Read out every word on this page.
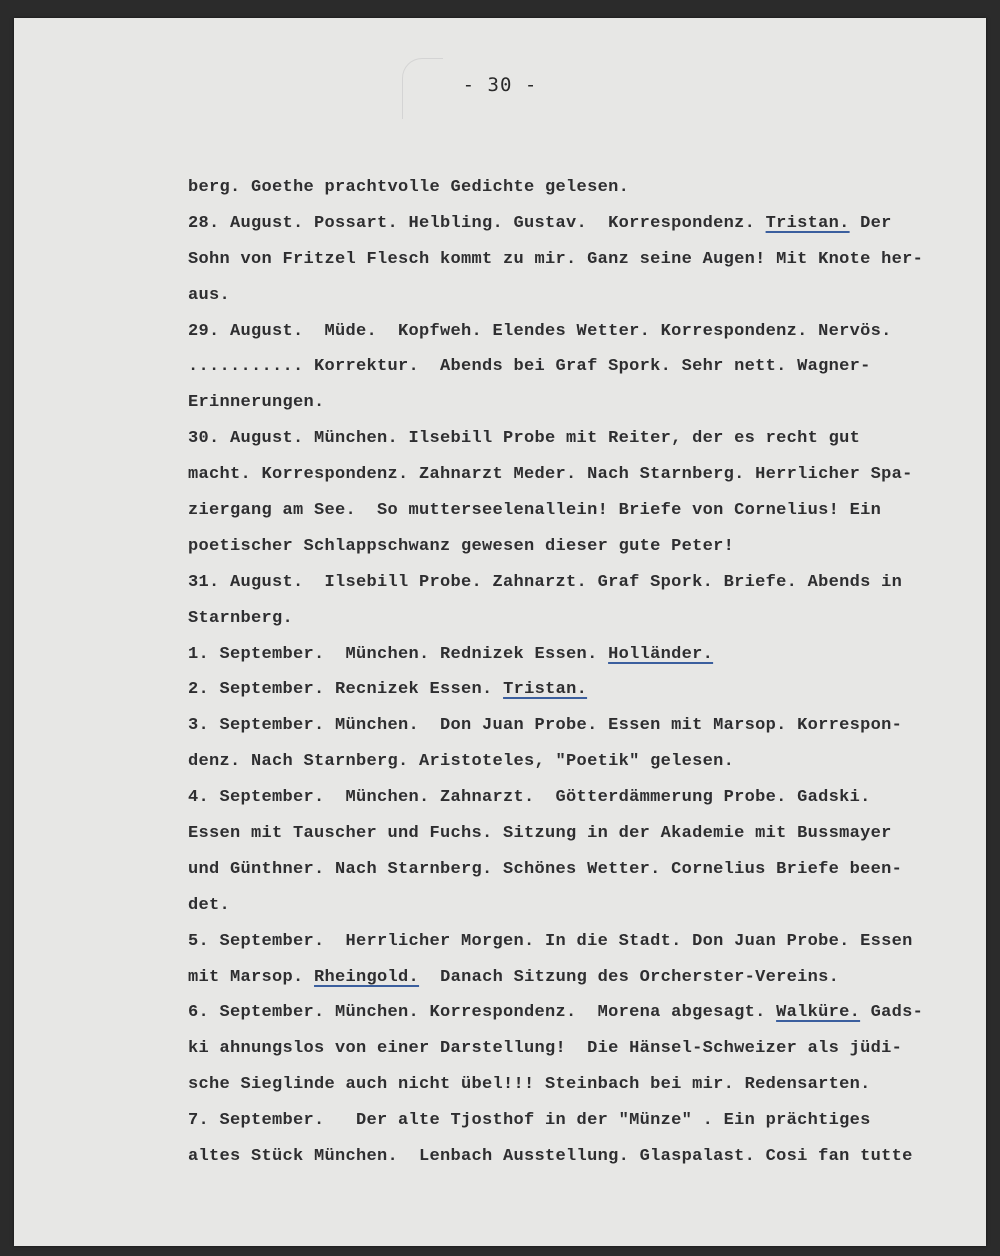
- 30 -
berg. Goethe prachtvolle Gedichte gelesen.
28. August. Possart. Helbling. Gustav.  Korrespondenz. Tristan. Der
Sohn von Fritzel Flesch kommt zu mir. Ganz seine Augen! Mit Knote her-
aus.
29. August.  Müde.  Kopfweh. Elendes Wetter. Korrespondenz. Nervös.
........... Korrektur.  Abends bei Graf Spork. Sehr nett. Wagner-
Erinnerungen.
30. August. München. Ilsebill Probe mit Reiter, der es recht gut
macht. Korrespondenz. Zahnarzt Meder. Nach Starnberg. Herrlicher Spa-
ziergang am See.  So mutterseelenallein! Briefe von Cornelius! Ein
poetischer Schlappschwanz gewesen dieser gute Peter!
31. August.  Ilsebill Probe. Zahnarzt. Graf Spork. Briefe. Abends in
Starnberg.
1. September.  München. Rednizek Essen. Holländer.
2. September. Recnizek Essen. Tristan.
3. September. München.  Don Juan Probe. Essen mit Marsop. Korrespon-
denz. Nach Starnberg. Aristoteles, "Poetik" gelesen.
4. September.  München. Zahnarzt.  Götterdämmerung Probe. Gadski.
Essen mit Tauscher und Fuchs. Sitzung in der Akademie mit Bussmayer
und Günthner. Nach Starnberg. Schönes Wetter. Cornelius Briefe been-
det.
5. September.  Herrlicher Morgen. In die Stadt. Don Juan Probe. Essen
mit Marsop. Rheingold.  Danach Sitzung des Orcherster-Vereins.
6. September. München. Korrespondenz.  Morena abgesagt. Walküre. Gads-
ki ahnungslos von einer Darstellung!  Die Hänsel-Schweizer als jüdi-
sche Sieglinde auch nicht übel!!! Steinbach bei mir. Redensarten.
7. September.   Der alte Tjosthof in der "Münze" . Ein prächtiges
altes Stück München.  Lenbach Ausstellung. Glaspalast. Cosi fan tutte
